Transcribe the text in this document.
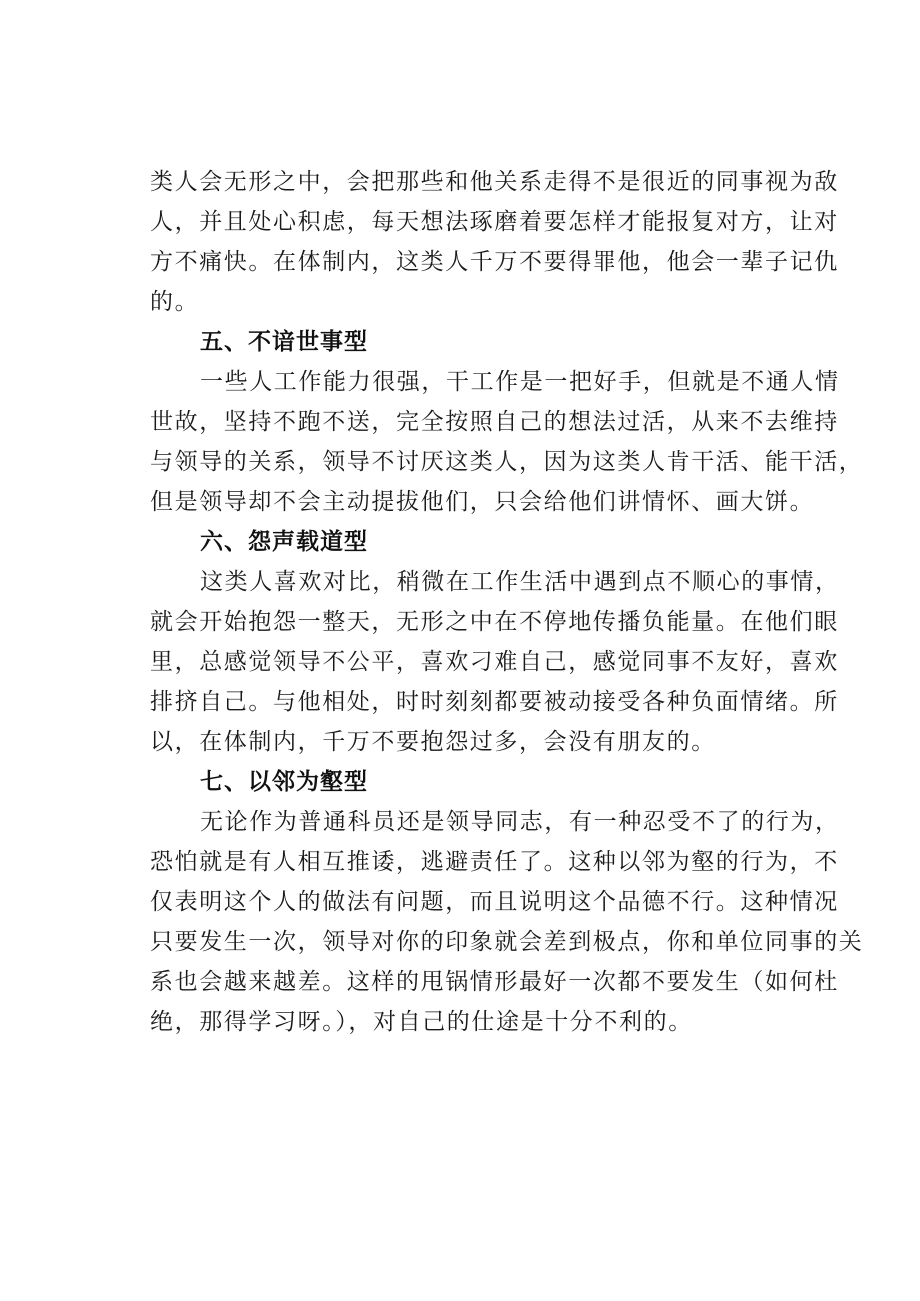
类人会无形之中，会把那些和他关系走得不是很近的同事视为敌
人，并且处心积虑，每天想法琢磨着要怎样才能报复对方，让对
方不痛快。在体制内，这类人千万不要得罪他，他会一辈子记仇
的。

五、不谙世事型

一些人工作能力很强，干工作是一把好手，但就是不通人情
世故，坚持不跑不送，完全按照自己的想法过活，从来不去维持
与领导的关系，领导不讨厌这类人，因为这类人肯干活、能干活，
但是领导却不会主动提拔他们，只会给他们讲情怀、画大饼。

六、怨声载道型

这类人喜欢对比，稍微在工作生活中遇到点不顺心的事情，
就会开始抱怨一整天，无形之中在不停地传播负能量。在他们眼
里，总感觉领导不公平，喜欢刁难自己，感觉同事不友好，喜欢
排挤自己。与他相处，时时刻刻都要被动接受各种负面情绪。所
以，在体制内，千万不要抱怨过多，会没有朋友的。

七、以邻为壑型

无论作为普通科员还是领导同志，有一种忍受不了的行为，
恐怕就是有人相互推诿，逃避责任了。这种以邻为壑的行为，不
仅表明这个人的做法有问题，而且说明这个品德不行。这种情况
只要发生一次，领导对你的印象就会差到极点，你和单位同事的关
系也会越来越差。这样的甩锅情形最好一次都不要发生（如何杜
绝，那得学习呀。），对自己的仕途是十分不利的。
